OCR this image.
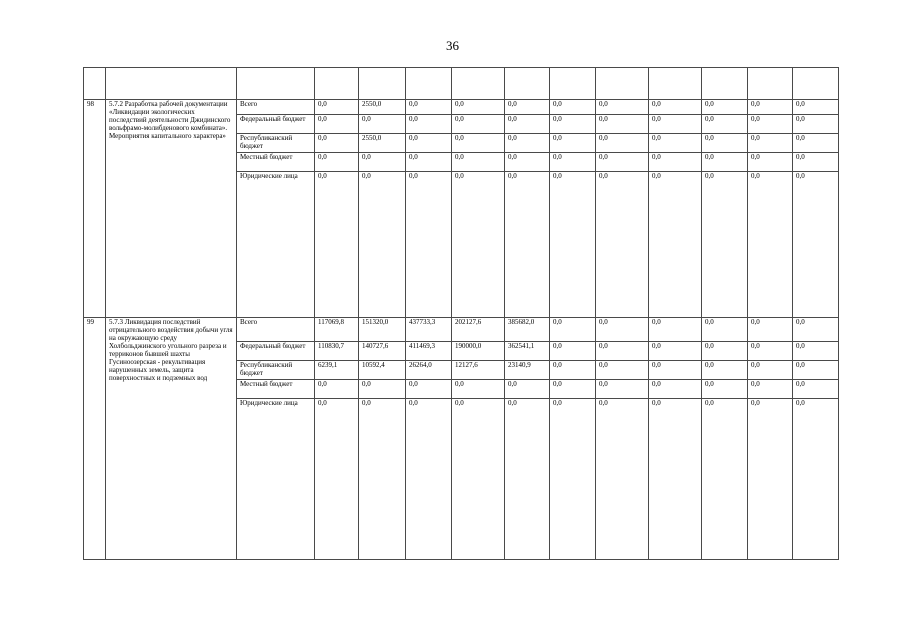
36

98	5.7.2 Разработка рабочей документации «Ликвидации экологических последствий деятельности Джидинского вольфрамо-молибденового комбината». Мероприятия капитального характера»	Всего	0,0	2550,0	0,0	0,0	0,0	0,0	0,0	0,0	0,0	0,0	0,0
		Федеральный бюджет	0,0	0,0	0,0	0,0	0,0	0,0	0,0	0,0	0,0	0,0	0,0
		Республиканский бюджет	0,0	2550,0	0,0	0,0	0,0	0,0	0,0	0,0	0,0	0,0	0,0
		Местный бюджет	0,0	0,0	0,0	0,0	0,0	0,0	0,0	0,0	0,0	0,0	0,0
		Юридические лица	0,0	0,0	0,0	0,0	0,0	0,0	0,0	0,0	0,0	0,0	0,0
99	5.7.3 Ликвидация последствий отрицательного воздействия добычи угля на окружающую среду Холбольджинского угольного разреза и терриконов бывшей шахты Гусиноозерская - рекультивация нарушенных земель, защита поверхностных и подземных вод	Всего	117069,8	151320,0	437733,3	202127,6	385682,0	0,0	0,0	0,0	0,0	0,0	0,0
		Федеральный бюджет	110830,7	140727,6	411469,3	190000,0	362541,1	0,0	0,0	0,0	0,0	0,0	0,0
		Республиканский бюджет	6239,1	10592,4	26264,0	12127,6	23140,9	0,0	0,0	0,0	0,0	0,0	0,0
		Местный бюджет	0,0	0,0	0,0	0,0	0,0	0,0	0,0	0,0	0,0	0,0	0,0
		Юридические лица	0,0	0,0	0,0	0,0	0,0	0,0	0,0	0,0	0,0	0,0	0,0
